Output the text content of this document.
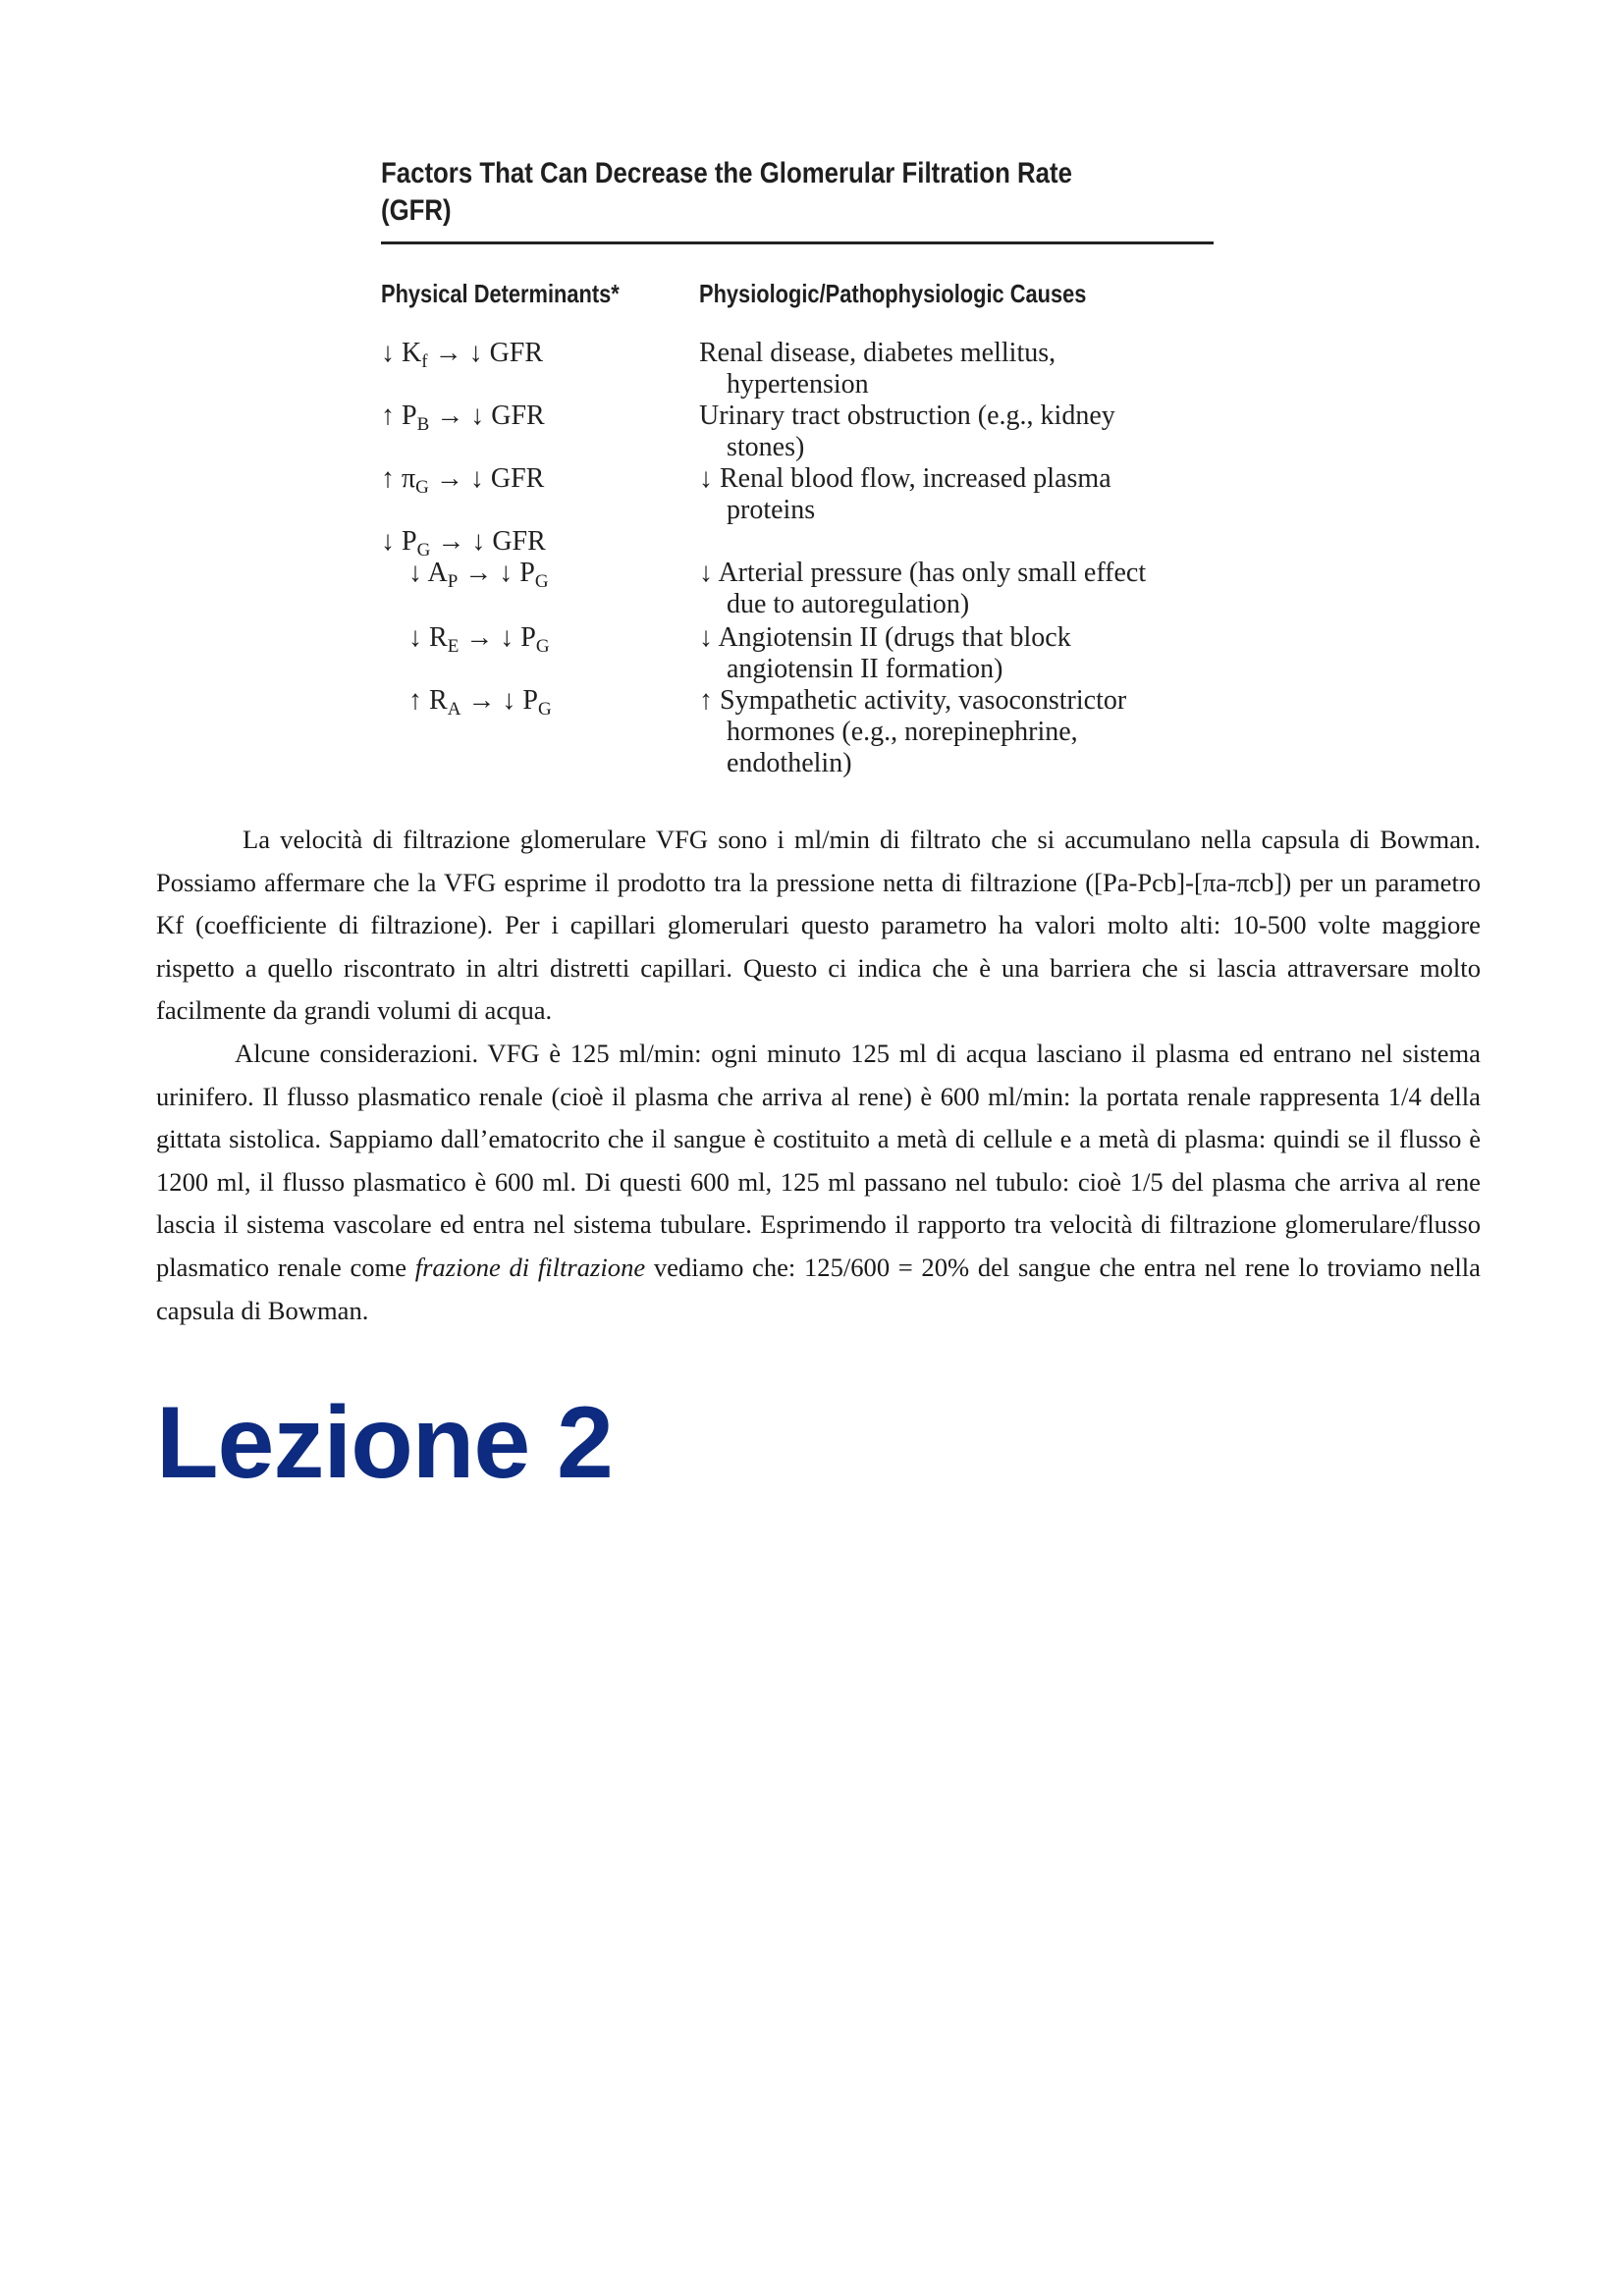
Factors That Can Decrease the Glomerular Filtration Rate
(GFR)
Physical Determinants*	Physiologic/Pathophysiologic Causes
↓ $K_f$ → ↓ GFR	Renal disease, diabetes mellitus,
hypertension
↑ $P_B$ → ↓ GFR	Urinary tract obstruction (e.g., kidney
stones)
↑ $\pi_G$ → ↓ GFR	↓ Renal blood flow, increased plasma
proteins
↓ $P_G$ → ↓ GFR
↓ $A_P$ → ↓ $P_G$	↓ Arterial pressure (has only small effect
due to autoregulation)
↓ $R_E$ → ↓ $P_G$	↓ Angiotensin II (drugs that block
angiotensin II formation)
↑ $R_A$ → ↓ $P_G$	↑ Sympathetic activity, vasoconstrictor
hormones (e.g., norepinephrine,
endothelin)

La velocità di filtrazione glomerulare VFG sono i ml/min di filtrato che si accumulano nella capsula di Bowman. Possiamo affermare che la VFG esprime il prodotto tra la pressione netta di filtrazione ([Pa-Pcb]-[πa-πcb]) per un parametro Kf (coefficiente di filtrazione). Per i capillari glomerulari questo parametro ha valori molto alti: 10-500 volte maggiore rispetto a quello riscontrato in altri distretti capillari. Questo ci indica che è una barriera che si lascia attraversare molto facilmente da grandi volumi di acqua.

Alcune considerazioni. VFG è 125 ml/min: ogni minuto 125 ml di acqua lasciano il plasma ed entrano nel sistema urinifero. Il flusso plasmatico renale (cioè il plasma che arriva al rene) è 600 ml/min: la portata renale rappresenta 1/4 della gittata sistolica. Sappiamo dall’ematocrito che il sangue è costituito a metà di cellule e a metà di plasma: quindi se il flusso è 1200 ml, il flusso plasmatico è 600 ml. Di questi 600 ml, 125 ml passano nel tubulo: cioè 1/5 del plasma che arriva al rene lascia il sistema vascolare ed entra nel sistema tubulare. Esprimendo il rapporto tra velocità di filtrazione glomerulare/flusso plasmatico renale come frazione di filtrazione vediamo che: 125/600 = 20% del sangue che entra nel rene lo troviamo nella capsula di Bowman.

Lezione 2
